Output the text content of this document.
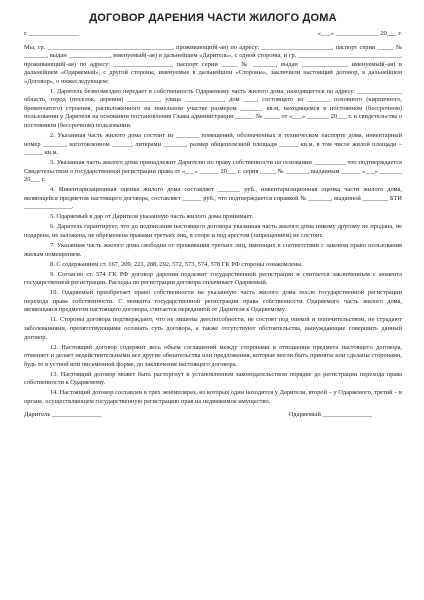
ДОГОВОР ДАРЕНИЯ ЧАСТИ ЖИЛОГО ДОМА
г. _______________	«___» _____________ 20___ г.

Мы, гр. _______________________________________, проживающий(-ая) по адресу: ______________________, паспорт серии _____ № _______, выдан _____________, именуемый(-ая) в дальнейшем «Даритель», с одной стороны, и гр. ________________________________, проживающий(-ая) по адресу: __________________, паспорт серии _____ № _______, выдан ______________, именуемый(-ая) в дальнейшем «Одаряемый», с другой стороны, именуемые в дальнейшем «Стороны», заключили настоящий договор, в дальнейшем «Договор», о нижеследующем:

1. Даритель безвозмездно передает в собственность Одаряемому часть жилого дома, находящегося по адресу: ______________ область, город (поселок, деревня) __________, улица ____________, дом ____, состоящего из _______ основного (кирпичного, бревенчатого) строения, расположенного на земельном участке размером _______ кв.м, находящемся в постоянном (бессрочном) пользовании у Дарителя на основании постановления Главы администрации ______ № _____ от «___» _______ 20___ г. и свидетельства о постоянном (бессрочном) пользовании.

2. Указанная часть жилого дома состоит из _______ помещений, обозначенных в техническом паспорте дома, инвентарный номер _______, изготовленном ______, литерами _______, размер общеполезной площади ______ кв.м, в том числе жилой площади – ______ кв.м.

3. Указанная часть жилого дома принадлежит Дарителю по праву собственности на основании __________ что подтверждается Свидетельством о государственной регистрации права от «___» ______ 20___ г. серия _____ № _______, выданным ______ «___» _______ 20___ г.

4. Инвентаризационная оценка жилого дома составляет _______ руб., инвентаризационная оценка части жилого дома, являющейся предметом настоящего договора, составляет ______ руб., что подтверждается справкой № _______, выданной ________ БТИ _______________.

5. Одаряемый в дар от Дарителя указанную часть жилого дома принимает.

6. Даритель гарантирует, что до подписания настоящего договора указанная часть жилого дома никому другому не продана, не подарена, не заложена, не обременена правами третьих лиц, в споре и под арестом (запрещением) не состоит.

7. Указанная часть жилого дома свободна от проживания третьих лиц, имеющих в соответствии с законом право пользования жилым помещением.

8. С содержанием ст. 167, 209, 223, 288, 292, 572, 573, 574, 578 ГК РФ стороны ознакомлены.

9. Согласно ст. 574 ГК РФ договор дарения подлежит государственной регистрации и считается заключенным с момента государственной регистрации. Расходы по регистрации договора оплачивает Одаряемый.

10. Одаряемый приобретает право собственности на указанную часть жилого дома после государственной регистрации перехода права собственности. С момента государственной регистрации права собственности Одаряемого часть жилого дома, являющаяся предметом настоящего договора, считается переданной от Дарителя к Одаряемому.

11. Стороны договора подтверждают, что не лишены дееспособности, не состоят под опекой и попечительством, не страдают заболеваниями, препятствующими осознать суть договора, а также отсутствуют обстоятельства, вынуждающие совершить данный договор.

12. Настоящий договор содержит весь объем соглашений между сторонами в отношении предмета настоящего договора, отменяет и делает недействительными все другие обязательства или предложения, которые могли быть приняты или сделаны сторонами, будь то в устной или письменной форме, до заключения настоящего договора.

13. Настоящий договор может быть расторгнут в установленном законодательством порядке до регистрации перехода права собственности к Одаряемому.

14. Настоящий договор составлен в трех экземплярах, из которых один находится у Дарителя, второй – у Одаряемого, третий – в органе, осуществляющем государственную регистрацию прав на недвижимое имущество.

Даритель _______________	Одаряемый _______________
